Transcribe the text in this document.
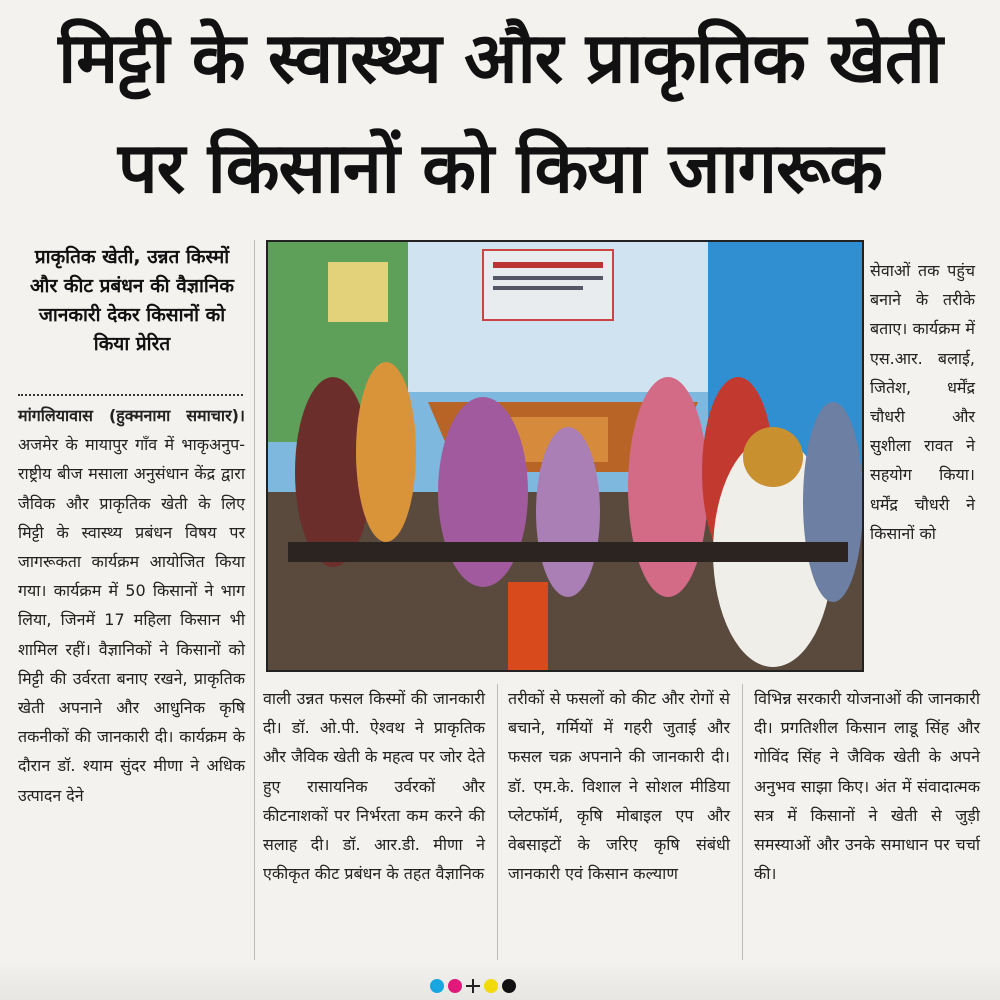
मिट्टी के स्वास्थ्य और प्राकृतिक खेती
पर किसानों को किया जागरूक
प्राकृतिक खेती, उन्नत किस्मों और कीट प्रबंधन की वैज्ञानिक जानकारी देकर किसानों को किया प्रेरित
मांगलियावास (हुक्मनामा समाचार)। अजमेर के मायापुर गाँव में भाकृअनुप-राष्ट्रीय बीज मसाला अनुसंधान केंद्र द्वारा जैविक और प्राकृतिक खेती के लिए मिट्टी के स्वास्थ्य प्रबंधन विषय पर जागरूकता कार्यक्रम आयोजित किया गया। कार्यक्रम में 50 किसानों ने भाग लिया, जिनमें 17 महिला किसान भी शामिल रहीं। वैज्ञानिकों ने किसानों को मिट्टी की उर्वरता बनाए रखने, प्राकृतिक खेती अपनाने और आधुनिक कृषि तकनीकों की जानकारी दी। कार्यक्रम के दौरान डॉ. श्याम सुंदर मीणा ने अधिक उत्पादन देने
सेवाओं तक पहुंच बनाने के तरीके बताए। कार्यक्रम में एस.आर. बलाई, जितेश, धर्मेंद्र चौधरी और सुशीला रावत ने सहयोग किया। धर्मेंद्र चौधरी ने किसानों को
वाली उन्नत फसल किस्मों की जानकारी दी। डॉ. ओ.पी. ऐश्वथ ने प्राकृतिक और जैविक खेती के महत्व पर जोर देते हुए रासायनिक उर्वरकों और कीटनाशकों पर निर्भरता कम करने की सलाह दी। डॉ. आर.डी. मीणा ने एकीकृत कीट प्रबंधन के तहत वैज्ञानिक
तरीकों से फसलों को कीट और रोगों से बचाने, गर्मियों में गहरी जुताई और फसल चक्र अपनाने की जानकारी दी। डॉ. एम.के. विशाल ने सोशल मीडिया प्लेटफॉर्म, कृषि मोबाइल एप और वेबसाइटों के जरिए कृषि संबंधी जानकारी एवं किसान कल्याण
विभिन्न सरकारी योजनाओं की जानकारी दी। प्रगतिशील किसान लाडू सिंह और गोविंद सिंह ने जैविक खेती के अपने अनुभव साझा किए। अंत में संवादात्मक सत्र में किसानों ने खेती से जुड़ी समस्याओं और उनके समाधान पर चर्चा की।
